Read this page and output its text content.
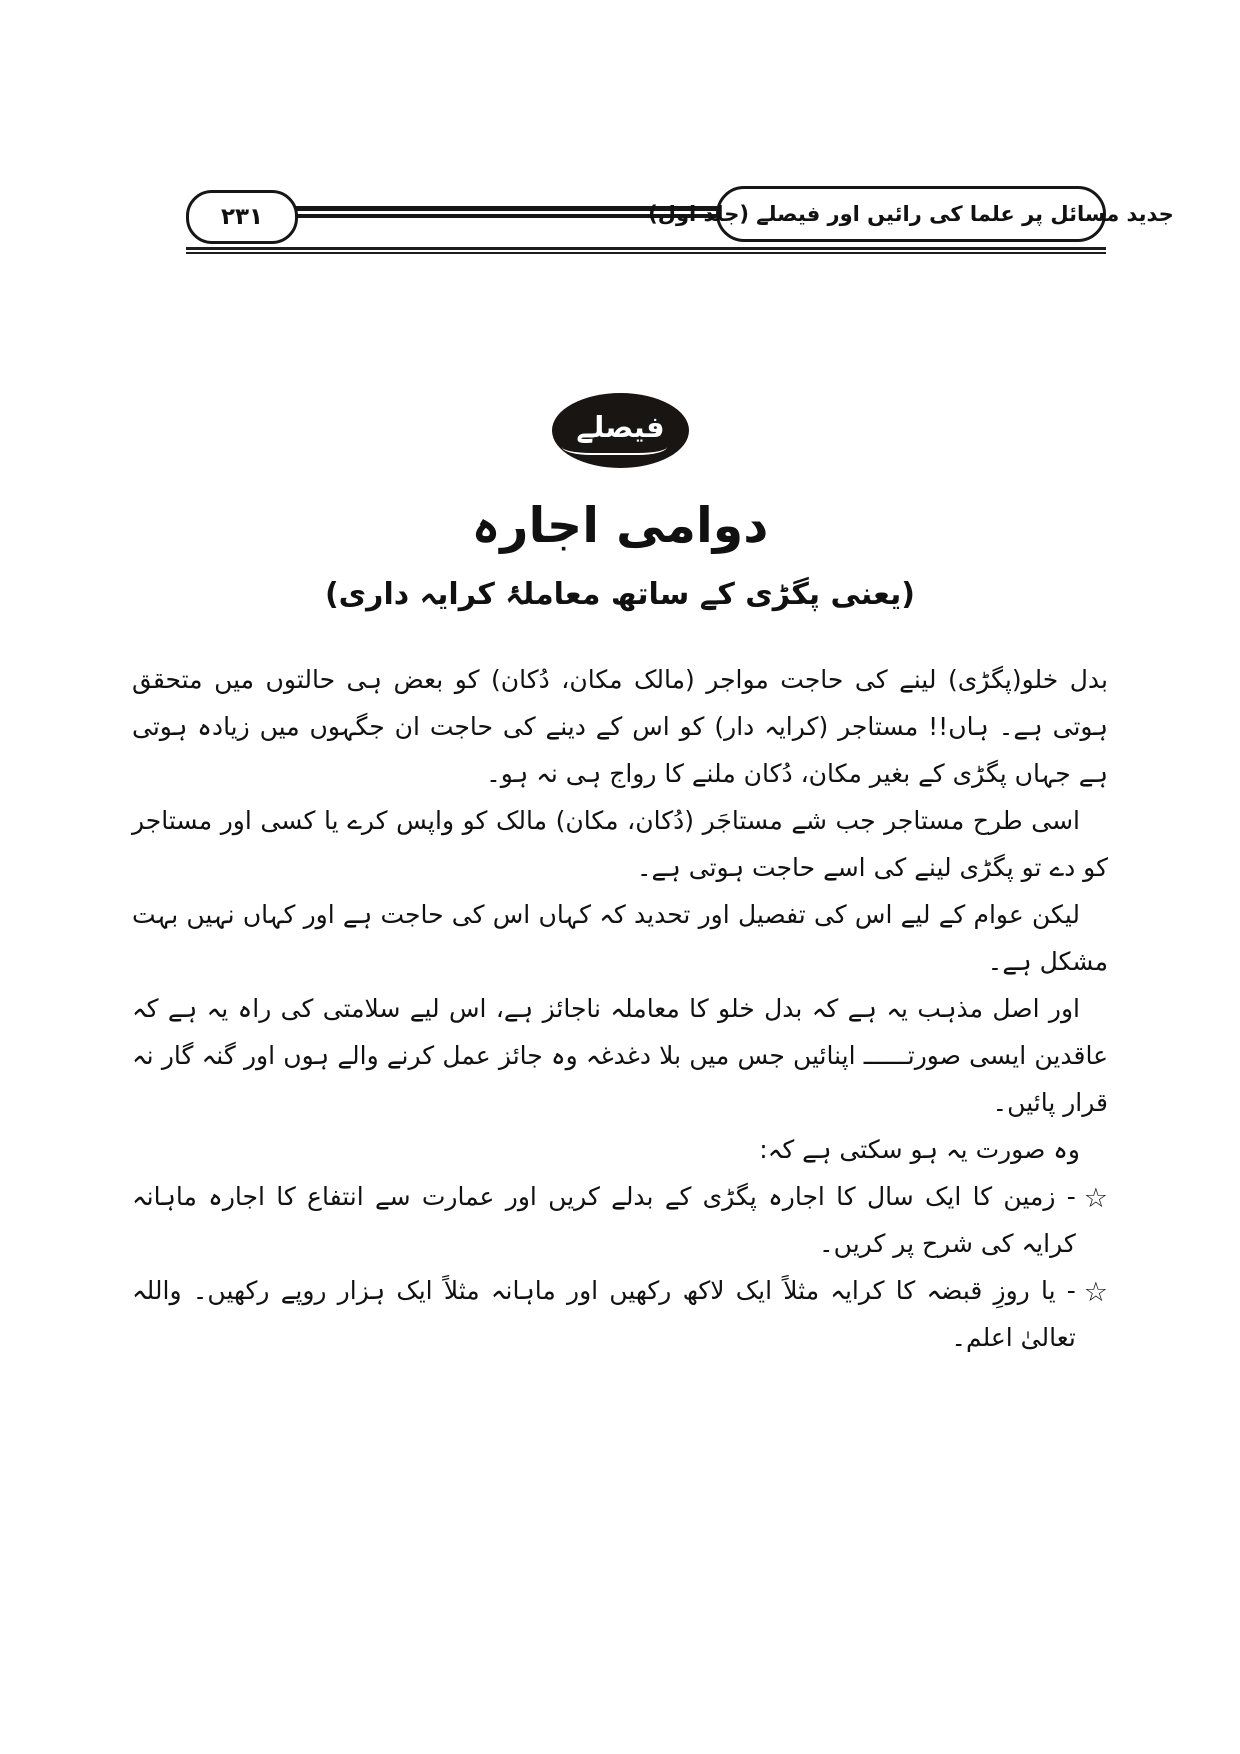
۲۳۱	جدید مسائل پر علما کی رائیں اور فیصلے (جلد اول)
فیصلے
دوامی اجارہ
(یعنی پگڑی کے ساتھ معاملۂ کرایہ داری)

بدل خلو(پگڑی) لینے کی حاجت مواجر (مالک مکان، دُکان) کو بعض ہی حالتوں میں متحقق ہوتی ہے۔ ہاں!! مستاجر (کرایہ دار) کو اس کے دینے کی حاجت ان جگہوں میں زیادہ ہوتی ہے جہاں پگڑی کے بغیر مکان، دُکان ملنے کا رواج ہی نہ ہو۔

اسی طرح مستاجر جب شے مستاجَر (دُکان، مکان) مالک کو واپس کرے یا کسی اور مستاجر کو دے تو پگڑی لینے کی اسے حاجت ہوتی ہے۔

لیکن عوام کے لیے اس کی تفصیل اور تحدید کہ کہاں اس کی حاجت ہے اور کہاں نہیں بہت مشکل ہے۔

اور اصل مذہب یہ ہے کہ بدل خلو کا معاملہ ناجائز ہے، اس لیے سلامتی کی راہ یہ ہے کہ عاقدین ایسی صورتــــــ اپنائیں جس میں بلا دغدغہ وہ جائز عمل کرنے والے ہوں اور گنہ گار نہ قرار پائیں۔

وہ صورت یہ ہو سکتی ہے کہ:

☆
- زمین کا ایک سال کا اجارہ پگڑی کے بدلے کریں اور عمارت سے انتفاع کا اجارہ ماہانہ کرایہ کی شرح پر کریں۔
☆
- یا روزِ قبضہ کا کرایہ مثلاً ایک لاکھ رکھیں اور ماہانہ مثلاً ایک ہزار روپے رکھیں۔ واللہ تعالیٰ اعلم۔
